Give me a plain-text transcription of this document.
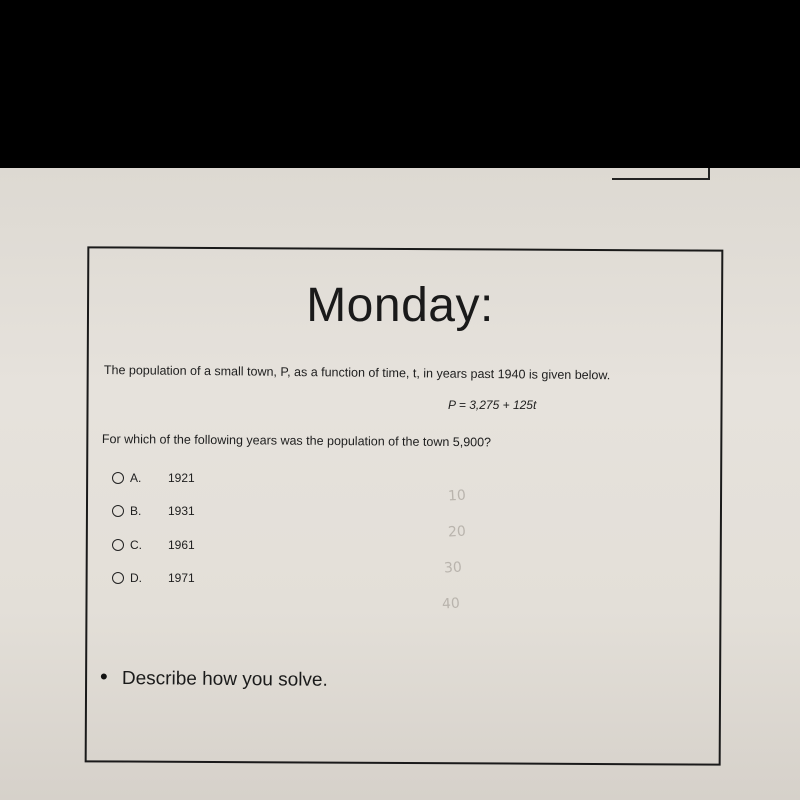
Monday:
The population of a small town, P, as a function of time, t, in years past 1940 is given below.
P = 3,275 + 125t
For which of the following years was the population of the town 5,900?
A.	1921
B.	1931
C.	1961
D.	1971
10
20
30
40
• Describe how you solve.
